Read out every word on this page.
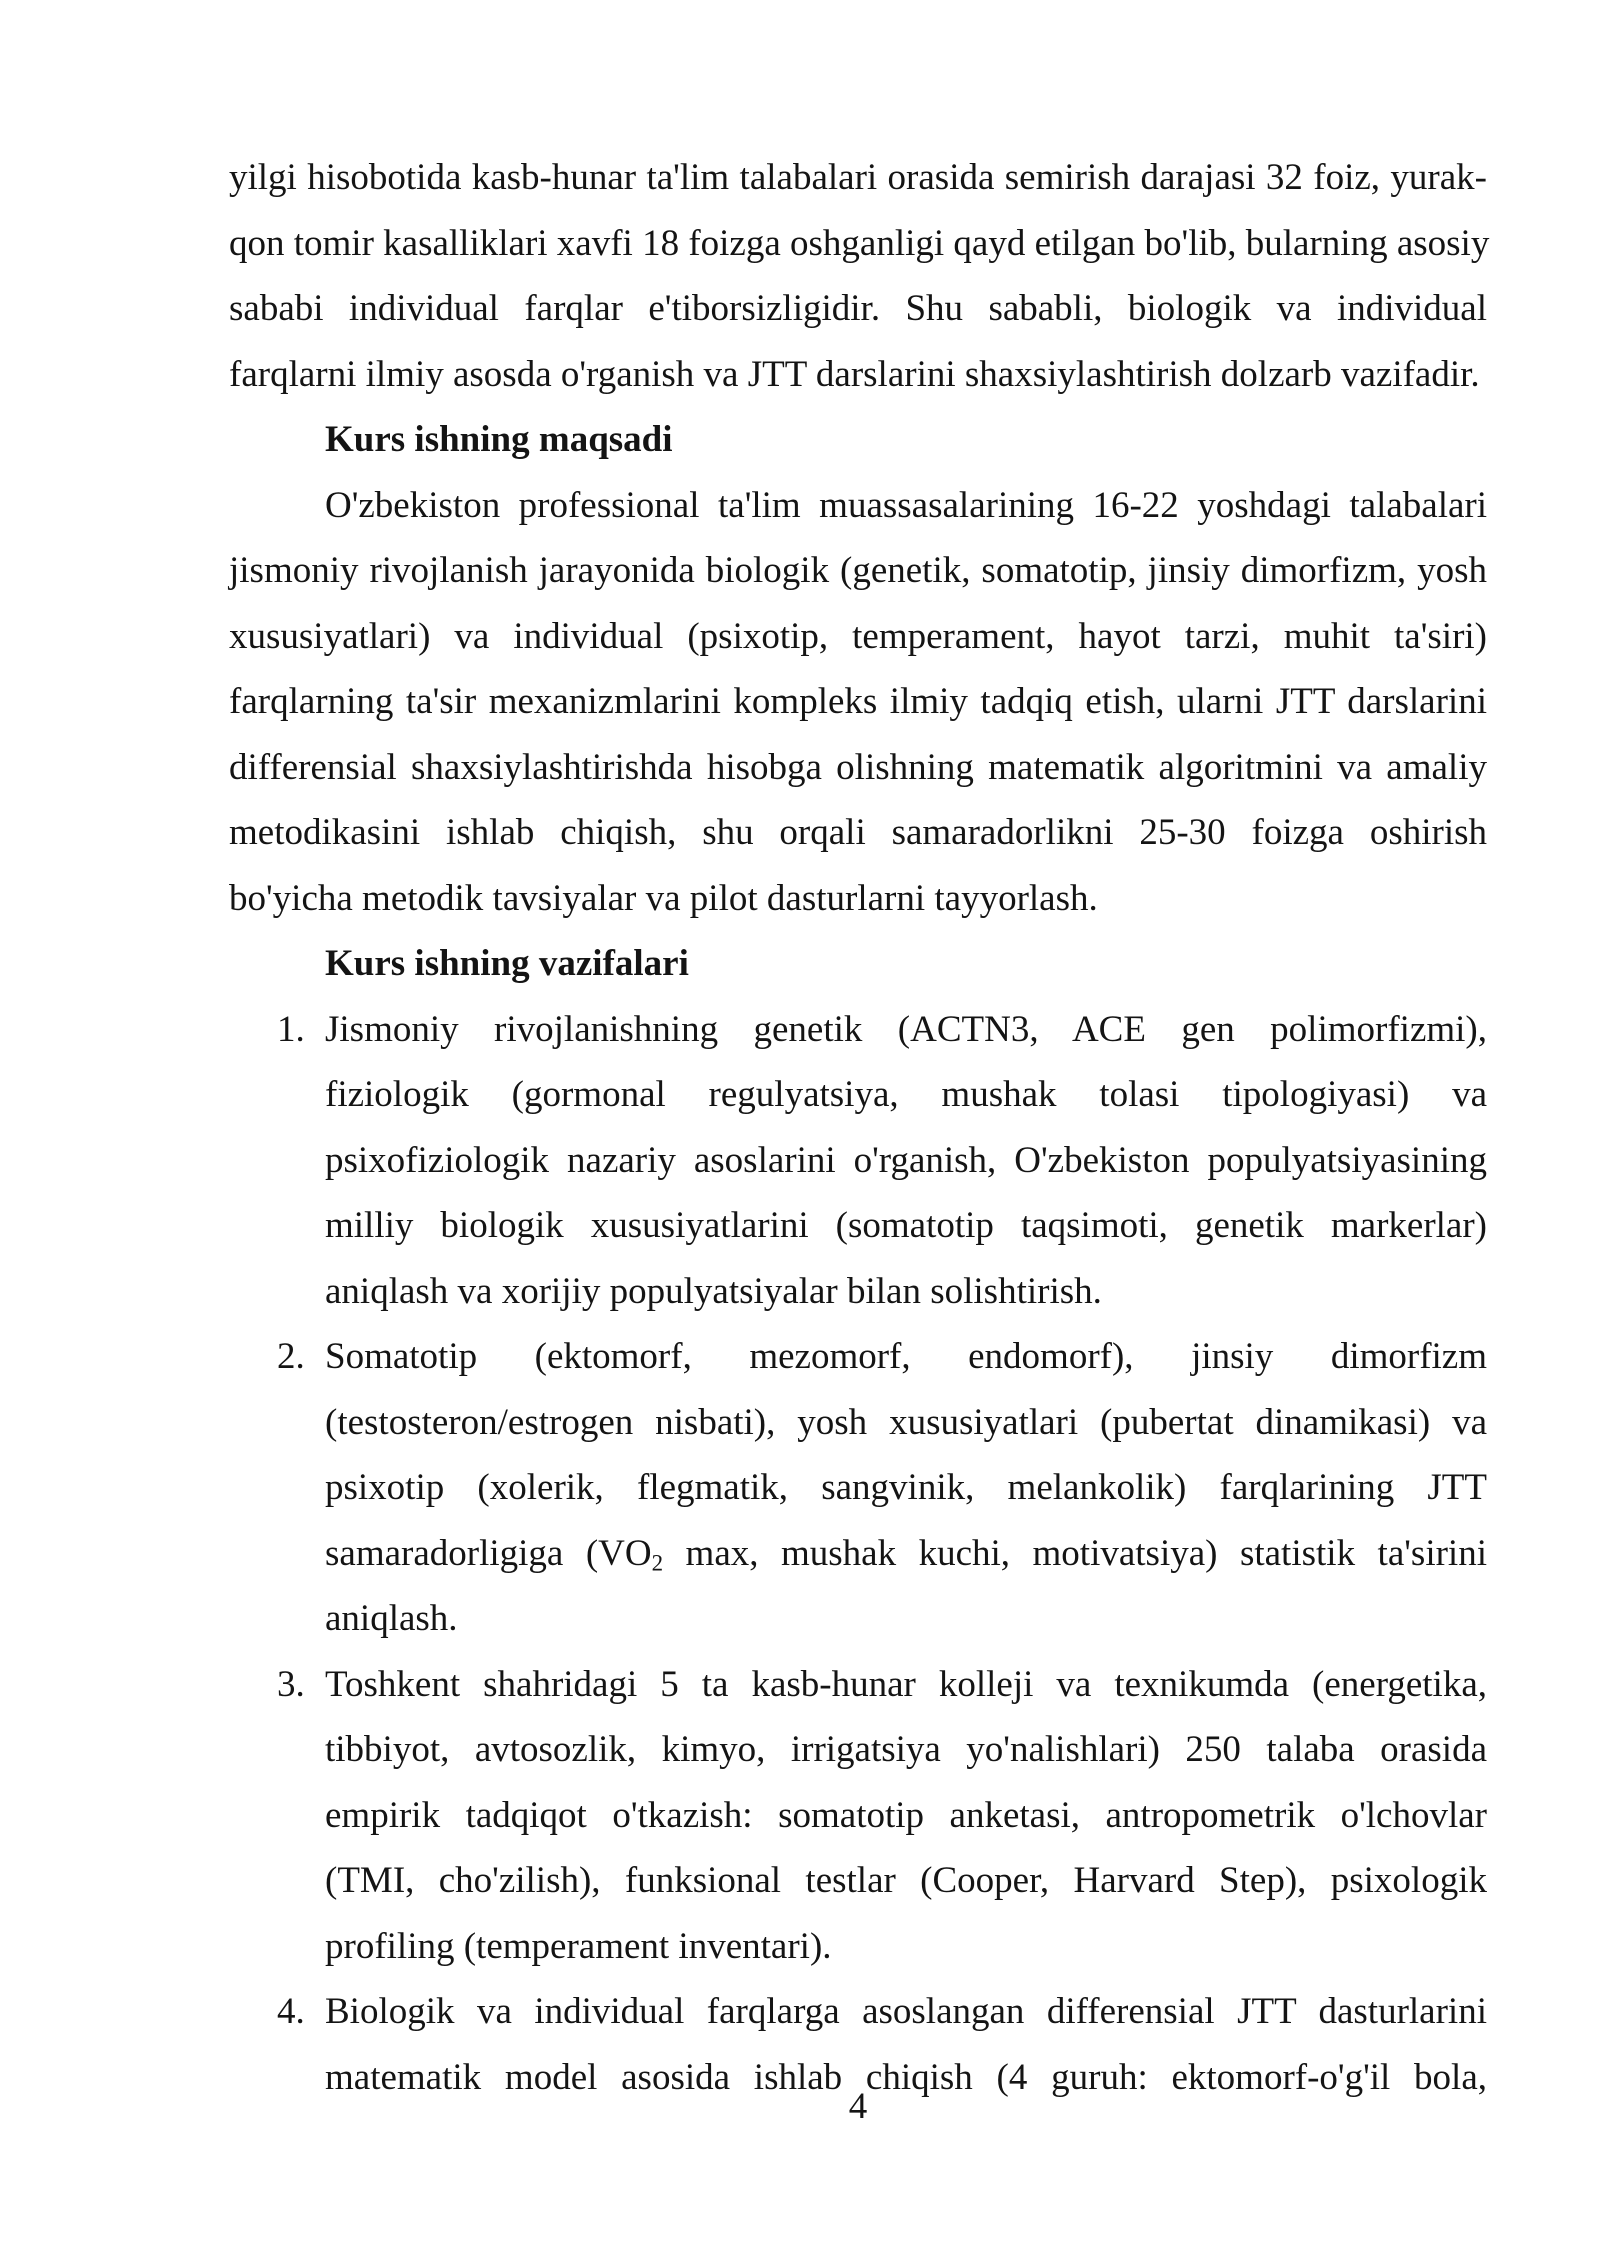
yilgi hisobotida kasb-hunar ta'lim talabalari orasida semirish darajasi 32 foiz, yurak-
qon tomir kasalliklari xavfi 18 foizga oshganligi qayd etilgan bo'lib, bularning asosiy
sababi individual farqlar e'tiborsizligidir. Shu sababli, biologik va individual
farqlarni ilmiy asosda o'rganish va JTT darslarini shaxsiylashtirish dolzarb vazifadir.
Kurs ishning maqsadi
O'zbekiston professional ta'lim muassasalarining 16-22 yoshdagi talabalari
jismoniy rivojlanish jarayonida biologik (genetik, somatotip, jinsiy dimorfizm, yosh
xususiyatlari) va individual (psixotip, temperament, hayot tarzi, muhit ta'siri)
farqlarning ta'sir mexanizmlarini kompleks ilmiy tadqiq etish, ularni JTT darslarini
differensial shaxsiylashtirishda hisobga olishning matematik algoritmini va amaliy
metodikasini ishlab chiqish, shu orqali samaradorlikni 25-30 foizga oshirish
bo'yicha metodik tavsiyalar va pilot dasturlarni tayyorlash.
Kurs ishning vazifalari
1. Jismoniy rivojlanishning genetik (ACTN3, ACE gen polimorfizmi),
fiziologik (gormonal regulyatsiya, mushak tolasi tipologiyasi) va
psixofiziologik nazariy asoslarini o'rganish, O'zbekiston populyatsiyasining
milliy biologik xususiyatlarini (somatotip taqsimoti, genetik markerlar)
aniqlash va xorijiy populyatsiyalar bilan solishtirish.
2. Somatotip (ektomorf, mezomorf, endomorf), jinsiy dimorfizm
(testosteron/estrogen nisbati), yosh xususiyatlari (pubertat dinamikasi) va
psixotip (xolerik, flegmatik, sangvinik, melankolik) farqlarining JTT
samaradorligiga ($VO_2$ max, mushak kuchi, motivatsiya) statistik ta'sirini
aniqlash.
3. Toshkent shahridagi 5 ta kasb-hunar kolleji va texnikumda (energetika,
tibbiyot, avtosozlik, kimyo, irrigatsiya yo'nalishlari) 250 talaba orasida
empirik tadqiqot o'tkazish: somatotip anketasi, antropometrik o'lchovlar
(TMI, cho'zilish), funksional testlar (Cooper, Harvard Step), psixologik
profiling (temperament inventari).
4. Biologik va individual farqlarga asoslangan differensial JTT dasturlarini
matematik model asosida ishlab chiqish (4 guruh: ektomorf-o'g'il bola,
4
